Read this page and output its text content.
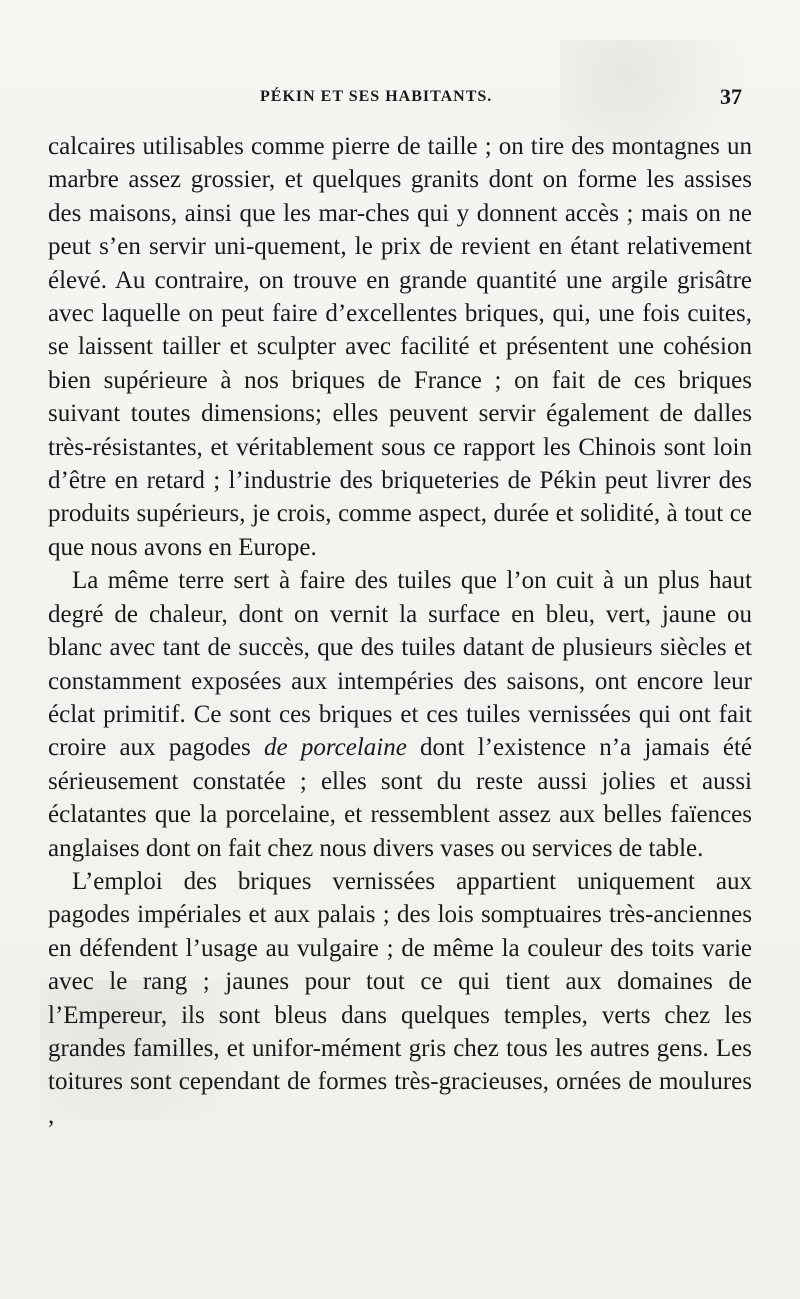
PÉKIN ET SES HABITANTS.	37

calcaires utilisables comme pierre de taille ; on tire des montagnes un marbre assez grossier, et quelques granits dont on forme les assises des maisons, ainsi que les mar-ches qui y donnent accès ; mais on ne peut s’en servir uni-quement, le prix de revient en étant relativement élevé. Au contraire, on trouve en grande quantité une argile grisâtre avec laquelle on peut faire d’excellentes briques, qui, une fois cuites, se laissent tailler et sculpter avec facilité et présentent une cohésion bien supérieure à nos briques de France ; on fait de ces briques suivant toutes dimensions; elles peuvent servir également de dalles très-résistantes, et véritablement sous ce rapport les Chinois sont loin d’être en retard ; l’industrie des briqueteries de Pékin peut livrer des produits supérieurs, je crois, comme aspect, durée et solidité, à tout ce que nous avons en Europe.

La même terre sert à faire des tuiles que l’on cuit à un plus haut degré de chaleur, dont on vernit la surface en bleu, vert, jaune ou blanc avec tant de succès, que des tuiles datant de plusieurs siècles et constamment exposées aux intempéries des saisons, ont encore leur éclat primitif. Ce sont ces briques et ces tuiles vernissées qui ont fait croire aux pagodes de porcelaine dont l’existence n’a jamais été sérieusement constatée ; elles sont du reste aussi jolies et aussi éclatantes que la porcelaine, et ressemblent assez aux belles faïences anglaises dont on fait chez nous divers vases ou services de table.

L’emploi des briques vernissées appartient uniquement aux pagodes impériales et aux palais ; des lois somptuaires très-anciennes en défendent l’usage au vulgaire ; de même la couleur des toits varie avec le rang ; jaunes pour tout ce qui tient aux domaines de l’Empereur, ils sont bleus dans quelques temples, verts chez les grandes familles, et unifor-mément gris chez tous les autres gens. Les toitures sont cependant de formes très-gracieuses, ornées de moulures ,
